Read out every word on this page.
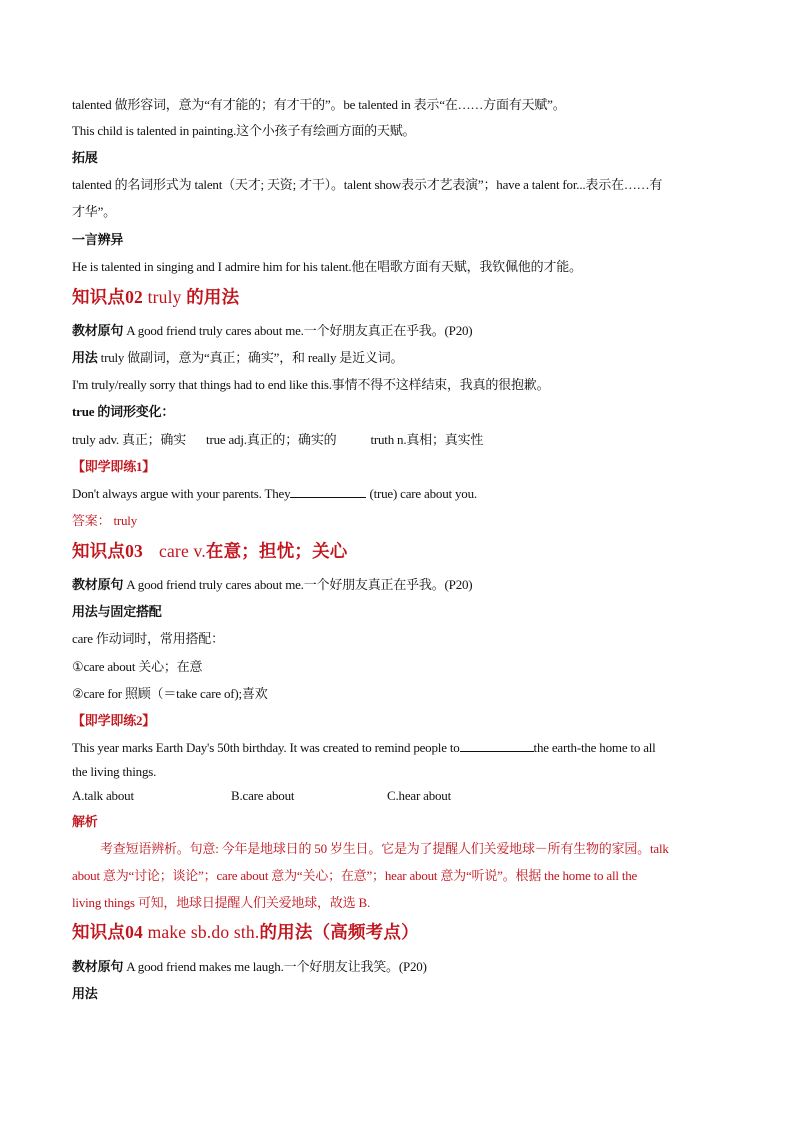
talented 做形容词，意为“有才能的；有才干的”。be talented in 表示“在……方面有天赋”。
This child is talented in painting.这个小孩子有绘画方面的天赋。
拓展
talented 的名词形式为 talent（天才; 天资; 才干）。talent show表示才艺表演”；have a talent for...表示在……有
才华”。
一言辨异
He is talented in singing and I admire him for his talent.他在唱歌方面有天赋，我钦佩他的才能。
知识点02 truly 的用法
教材原句 A good friend truly cares about me.一个好朋友真正在乎我。(P20)
用法 truly 做副词，意为“真正；确实”，和 really 是近义词。
I'm truly/really sorry that things had to end like this.事情不得不这样结束，我真的很抱歉。
true 的词形变化：
truly adv. 真正；确实 true adj.真正的；确实的	truth n.真相；真实性
【即学即练1】
Don't always argue with your parents. They	(true) care about you.
答案： truly
知识点03 care v.在意；担忧；关心
教材原句 A good friend truly cares about me.一个好朋友真正在乎我。(P20)
用法与固定搭配
care 作动词时，常用搭配：
①care about 关心；在意
②care for 照顾（＝take care of);喜欢
【即学即练2】
This year marks Earth Day's 50th birthday. It was created to remind people to	the earth-the home to all
the living things.
A.talk about	B.care about	C.hear about
解析
考查短语辨析。句意: 今年是地球日的 50 岁生日。它是为了提醒人们关爱地球－所有生物的家园。talk
about 意为“讨论；谈论”；care about 意为“关心；在意”；hear about 意为“听说”。根据 the home to all the
living things 可知，地球日提醒人们关爱地球，故选 B.
知识点04 make sb.do sth.的用法（高频考点）
教材原句 A good friend makes me laugh.一个好朋友让我笑。(P20)
用法
